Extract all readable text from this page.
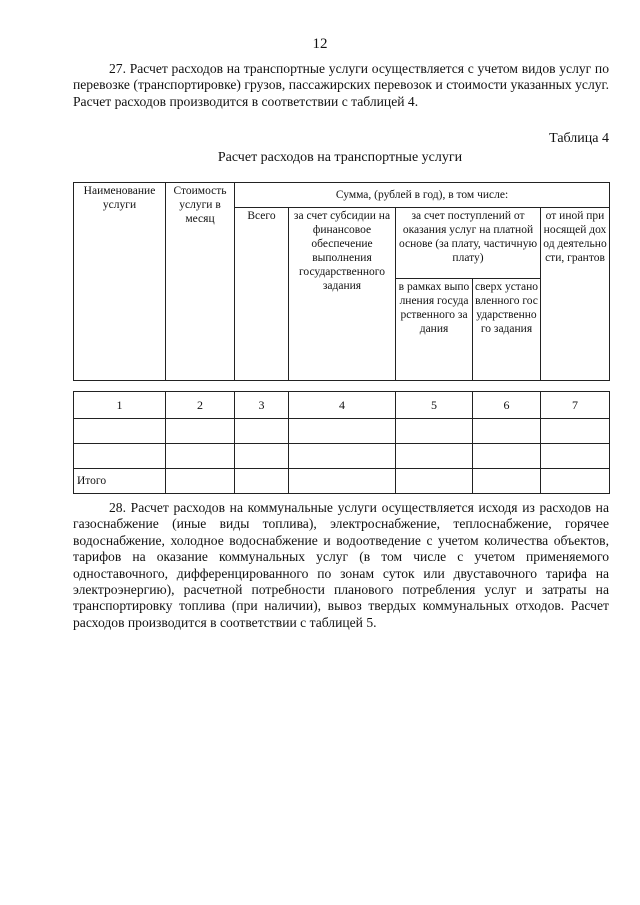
12

27. Расчет расходов на транспортные услуги осуществляется с учетом видов услуг по перевозке (транспортировке) грузов, пассажирских перевозок и стоимости указанных услуг. Расчет расходов производится в соответствии с таблицей 4.

Таблица 4
Расчет расходов на транспортные услуги
Наименование услуги	Стоимость услуги в месяц	Сумма, (рублей в год), в том числе:				
		Всего	за счет субсидии на финансовое обеспечение выполнения государственного задания	за счет поступлений от оказания услуг на платной основе (за плату, частичную плату)		от иной приносящей доход деятельности, грантов
				в рамках выполнения государственного задания	сверх установленного государственного задания	
1	2	3	4	5	6	7

Итого						

28. Расчет расходов на коммунальные услуги осуществляется исходя из расходов на газоснабжение (иные виды топлива), электроснабжение, теплоснабжение, горячее водоснабжение, холодное водоснабжение и водоотведение с учетом количества объектов, тарифов на оказание коммунальных услуг (в том числе с учетом применяемого одноставочного, дифференцированного по зонам суток или двуставочного тарифа на электроэнергию), расчетной потребности планового потребления услуг и затраты на транспортировку топлива (при наличии), вывоз твердых коммунальных отходов. Расчет расходов производится в соответствии с таблицей 5.
